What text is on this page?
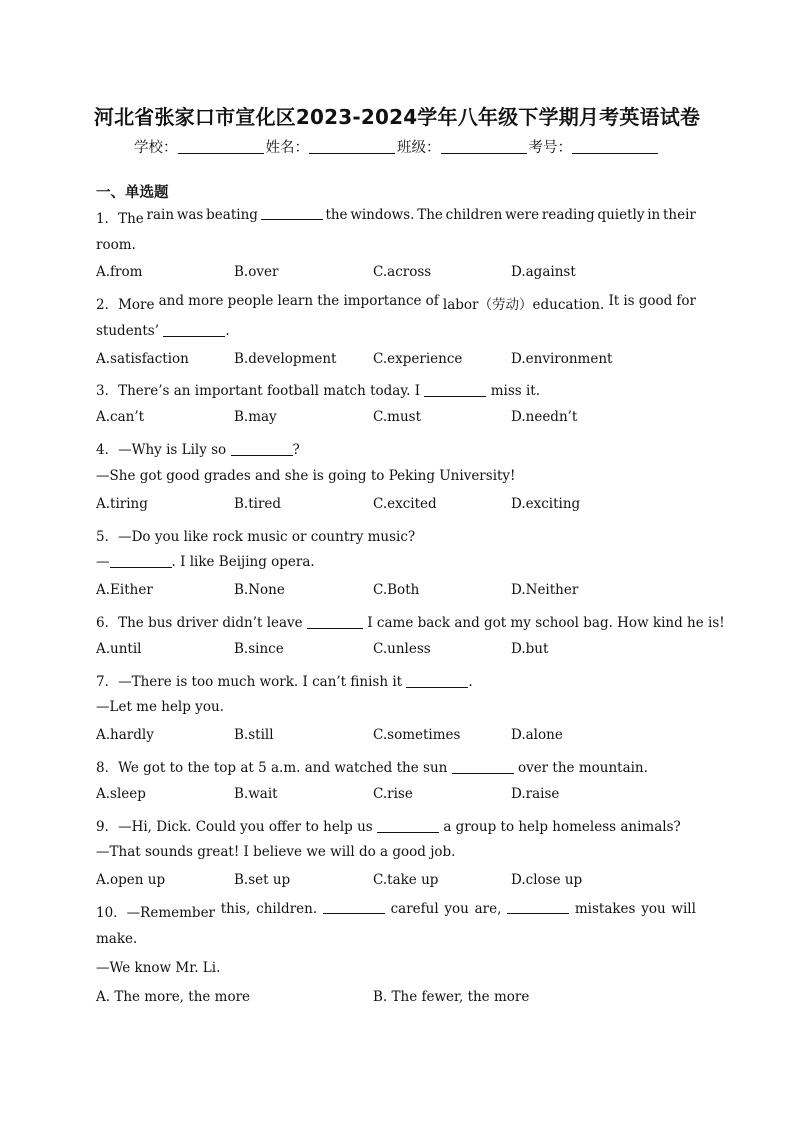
河北省张家口市宣化区2023-2024学年八年级下学期月考英语试卷
学校：	姓名：	班级：	考号：
一、单选题
1．The rain was beating	the windows. The children were reading quietly in their
room.
A.from	B.over	C.across	D.against
2．More and more people learn the importance of labor（劳动）education. It is good for
students’	.
A.satisfaction	B.development	C.experience	D.environment
3．There’s an important football match today. I	miss it.
A.can’t	B.may	C.must	D.needn’t
4．—Why is Lily so	?
—She got good grades and she is going to Peking University!
A.tiring	B.tired	C.excited	D.exciting
5．—Do you like rock music or country music?
—	. I like Beijing opera.
A.Either	B.None	C.Both	D.Neither
6．The bus driver didn’t leave	I came back and got my school bag. How kind he is!
A.until	B.since	C.unless	D.but
7．—There is too much work. I can’t finish it	.
—Let me help you.
A.hardly	B.still	C.sometimes	D.alone
8．We got to the top at 5 a.m. and watched the sun	over the mountain.
A.sleep	B.wait	C.rise	D.raise
9．—Hi, Dick. Could you offer to help us	a group to help homeless animals?
—That sounds great! I believe we will do a good job.
A.open up	B.set up	C.take up	D.close up
10．—Remember this, children.	careful you are,	mistakes you will
make.
—We know Mr. Li.
A. The more, the more	B. The fewer, the more
